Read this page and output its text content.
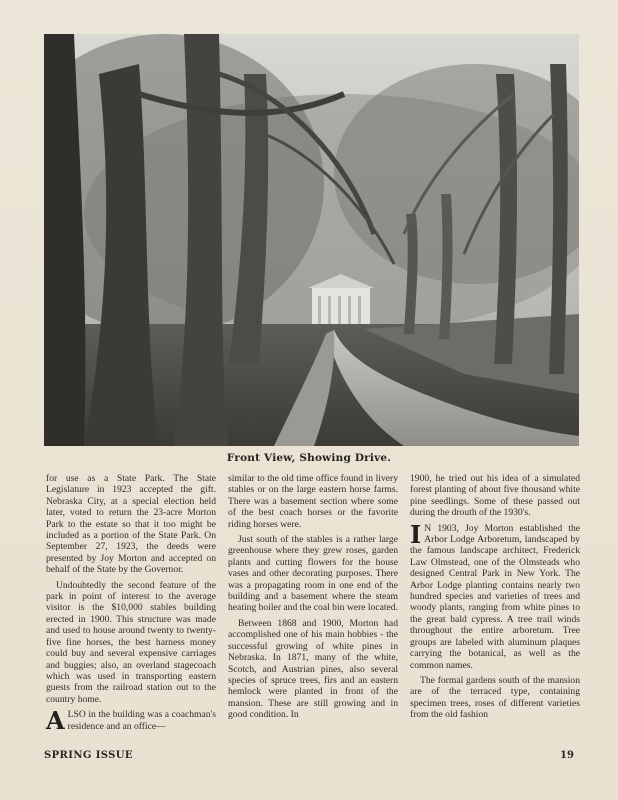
Front View, Showing Drive.

for use as a State Park. The State Legislature in 1923 accepted the gift. Nebraska City, at a special election held later, voted to return the 23-acre Morton Park to the estate so that it too might be included as a portion of the State Park. On September 27, 1923, the deeds were presented by Joy Morton and accepted on behalf of the State by the Governor.

Undoubtedly the second feature of the park in point of interest to the average visitor is the $10,000 stables building erected in 1900. This structure was made and used to house around twenty to twenty-five fine horses, the best harness money could buy and several expensive carriages and buggies; also, an overland stagecoach which was used in transporting eastern guests from the railroad station out to the country home.

ALSO in the building was a coachman's residence and an office—

similar to the old time office found in livery stables or on the large eastern horse farms. There was a basement section where some of the best coach horses or the favorite riding horses were.

Just south of the stables is a rather large greenhouse where they grew roses, garden plants and cutting flowers for the house vases and other decorating purposes. There was a propagating room in one end of the building and a basement where the steam heating boiler and the coal bin were located.

Between 1868 and 1900, Morton had accomplished one of his main hobbies - the successful growing of white pines in Nebraska. In 1871, many of the white, Scotch, and Austrian pines, also several species of spruce trees, firs and an eastern hemlock were planted in front of the mansion. These are still growing and in good condition. In

1900, he tried out his idea of a simulated forest planting of about five thousand white pine seedlings. Some of these passed out during the drouth of the 1930's.

I N 1903, Joy Morton established the Arbor Lodge Arboretum, landscaped by the famous landscape architect, Frederick Law Olmstead, one of the Olmsteads who designed Central Park in New York. The Arbor Lodge planting contains nearly two hundred species and varieties of trees and woody plants, ranging from white pines to the great bald cypress. A tree trail winds throughout the entire arboretum. Tree groups are labeled with aluminum plaques carrying the botanical, as well as the common names.

The formal gardens south of the mansion are of the terraced type, containing specimen trees, roses of different varieties from the old fashion

SPRING ISSUE	19
